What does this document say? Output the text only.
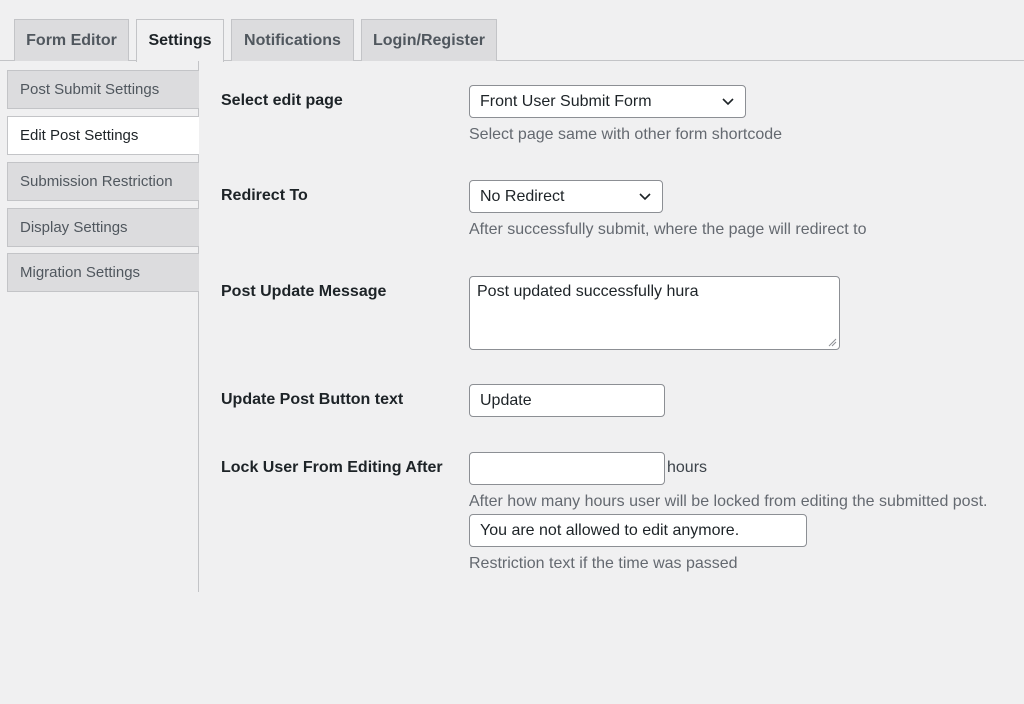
Form Editor	Settings	Notifications	Login/Register
Post Submit Settings
Edit Post Settings
Submission Restriction
Display Settings
Migration Settings
Select edit page	Front User Submit Form
Select page same with other form shortcode
Redirect To	No Redirect
After successfully submit, where the page will redirect to
Post Update Message	Post updated successfully hura
Update Post Button text	Update
Lock User From Editing After	hours
After how many hours user will be locked from editing the submitted post.
You are not allowed to edit anymore.
Restriction text if the time was passed
